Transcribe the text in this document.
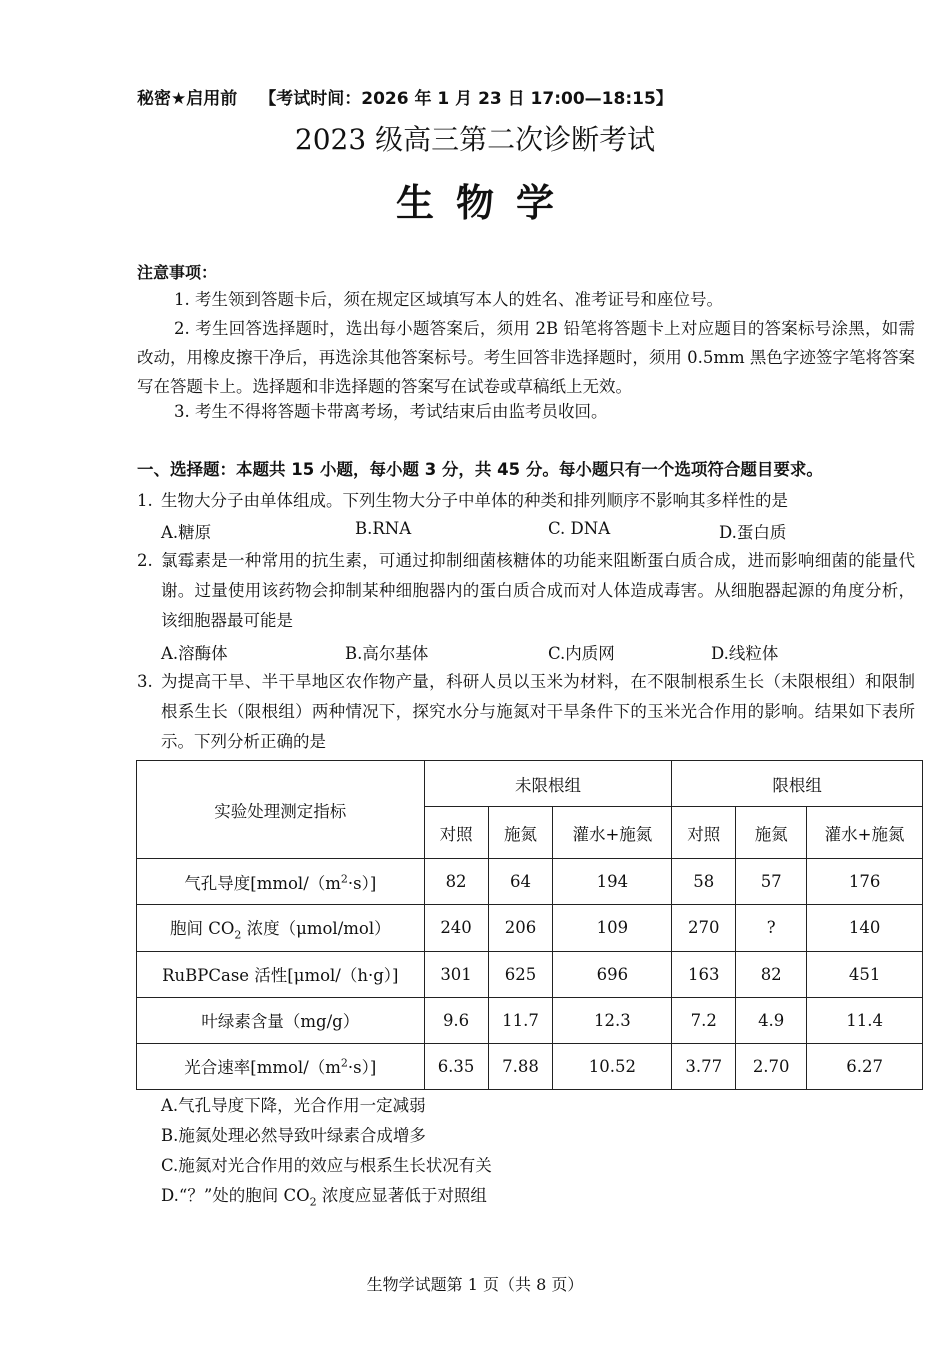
秘密★启用前 【考试时间：2026 年 1 月 23 日 17:00—18:15】
2023 级高三第二次诊断考试
生物学
注意事项：
1. 考生领到答题卡后，须在规定区域填写本人的姓名、准考证号和座位号。
2. 考生回答选择题时，选出每小题答案后，须用 2B 铅笔将答题卡上对应题目的答案标号涂黑，如需改动，用橡皮擦干净后，再选涂其他答案标号。考生回答非选择题时，须用 0.5mm 黑色字迹签字笔将答案写在答题卡上。选择题和非选择题的答案写在试卷或草稿纸上无效。
3. 考生不得将答题卡带离考场，考试结束后由监考员收回。
一、选择题：本题共 15 小题，每小题 3 分，共 45 分。每小题只有一个选项符合题目要求。
1. 生物大分子由单体组成。下列生物大分子中单体的种类和排列顺序不影响其多样性的是
A.糖原	B.RNA	C. DNA	D.蛋白质
2. 氯霉素是一种常用的抗生素，可通过抑制细菌核糖体的功能来阻断蛋白质合成，进而影响细菌的能量代谢。过量使用该药物会抑制某种细胞器内的蛋白质合成而对人体造成毒害。从细胞器起源的角度分析，该细胞器最可能是
A.溶酶体	B.高尔基体	C.内质网	D.线粒体
3. 为提高干旱、半干旱地区农作物产量，科研人员以玉米为材料，在不限制根系生长（未限根组）和限制根系生长（限根组）两种情况下，探究水分与施氮对干旱条件下的玉米光合作用的影响。结果如下表所示。下列分析正确的是
实验处理测定指标	未限根组			限根组		
	对照	施氮	灌水+施氮	对照	施氮	灌水+施氮
气孔导度$[mmol/(m^2\cdot s)]$	82	64	194	58	57	176
胞间 $CO_2$ 浓度（μmol/mol）	240	206	109	270	?	140
RuBPCase 活性[μmol/（h·g）]	301	625	696	163	82	451
叶绿素含量（mg/g）	9.6	11.7	12.3	7.2	4.9	11.4
光合速率$[mmol/(m^2\cdot s)]$	6.35	7.88	10.52	3.77	2.70	6.27
A.气孔导度下降，光合作用一定减弱
B.施氮处理必然导致叶绿素合成增多
C.施氮对光合作用的效应与根系生长状况有关
D.“？”处的胞间 $CO_2$ 浓度应显著低于对照组
生物学试题第 1 页（共 8 页）
